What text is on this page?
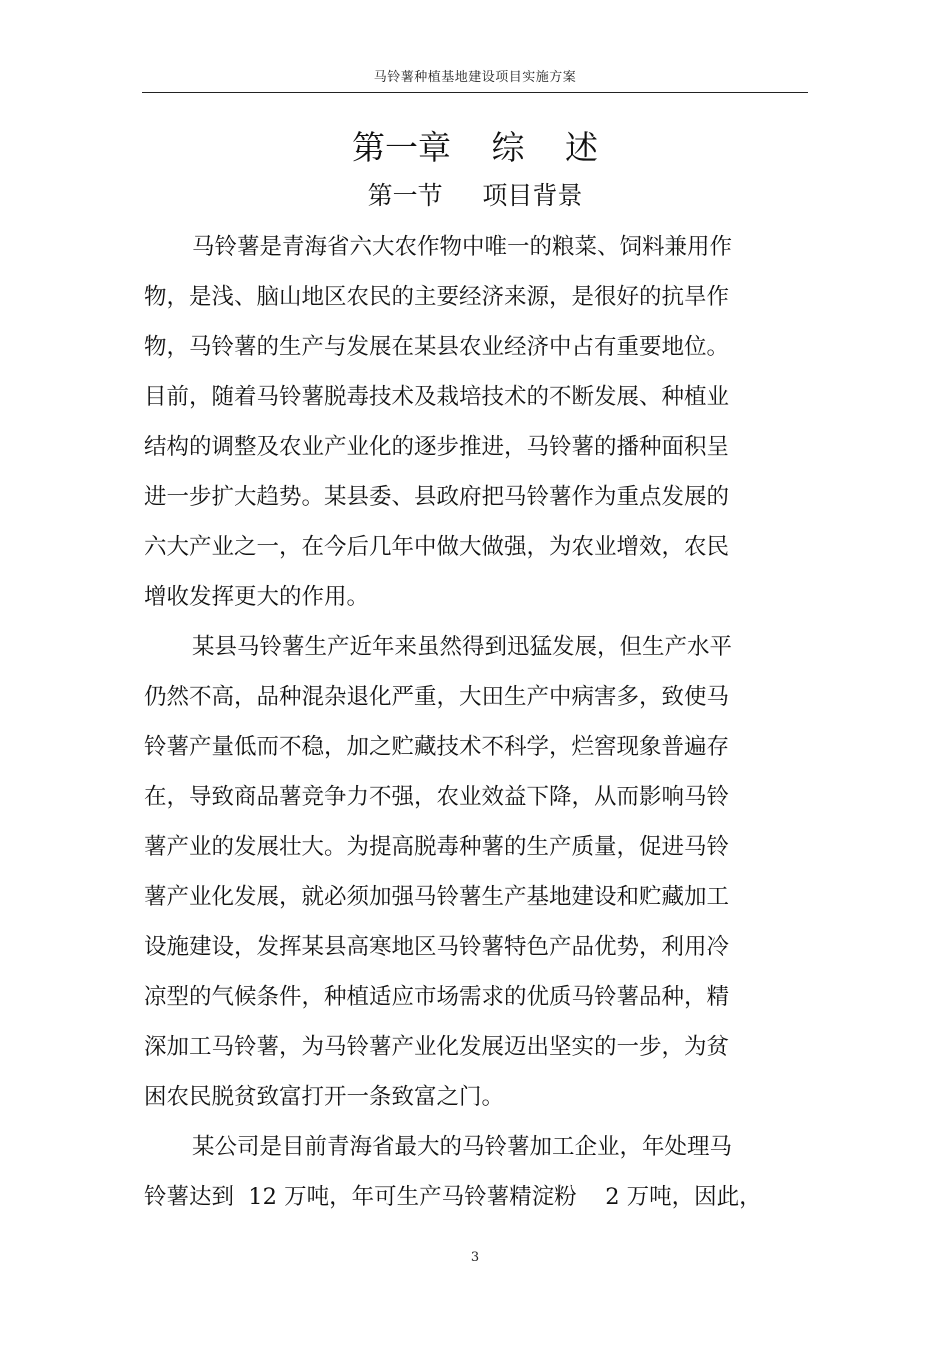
马铃薯种植基地建设项目实施方案
第一章 综 述
第一节 项目背景
马铃薯是青海省六大农作物中唯一的粮菜、饲料兼用作
物，是浅、脑山地区农民的主要经济来源，是很好的抗旱作
物，马铃薯的生产与发展在某县农业经济中占有重要地位。
目前，随着马铃薯脱毒技术及栽培技术的不断发展、种植业
结构的调整及农业产业化的逐步推进，马铃薯的播种面积呈
进一步扩大趋势。某县委、县政府把马铃薯作为重点发展的
六大产业之一，在今后几年中做大做强，为农业增效，农民
增收发挥更大的作用。
某县马铃薯生产近年来虽然得到迅猛发展，但生产水平
仍然不高，品种混杂退化严重，大田生产中病害多，致使马
铃薯产量低而不稳，加之贮藏技术不科学，烂窖现象普遍存
在，导致商品薯竞争力不强，农业效益下降，从而影响马铃
薯产业的发展壮大。为提高脱毒种薯的生产质量，促进马铃
薯产业化发展，就必须加强马铃薯生产基地建设和贮藏加工
设施建设，发挥某县高寒地区马铃薯特色产品优势，利用冷
凉型的气候条件，种植适应市场需求的优质马铃薯品种，精
深加工马铃薯，为马铃薯产业化发展迈出坚实的一步，为贫
困农民脱贫致富打开一条致富之门。
某公司是目前青海省最大的马铃薯加工企业，年处理马
铃薯达到  12 万吨，年可生产马铃薯精淀粉    2 万吨，因此，
3
